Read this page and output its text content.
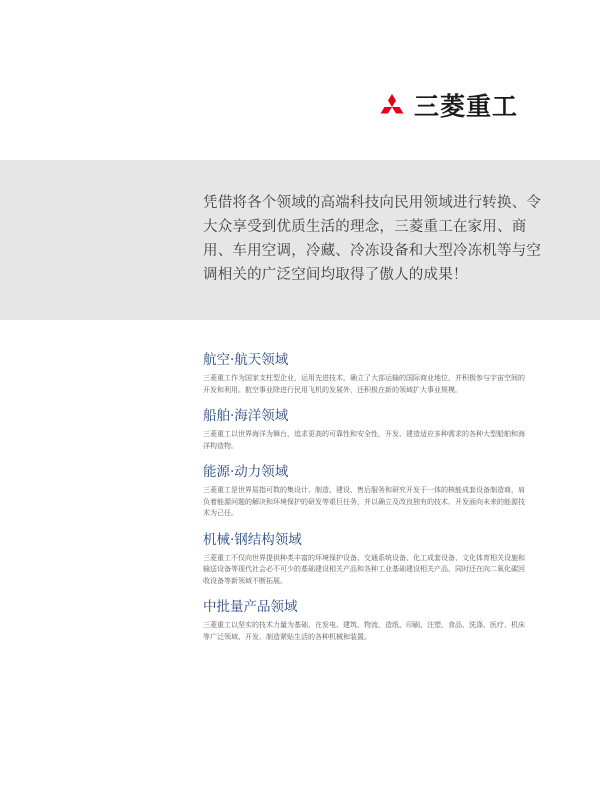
三菱重工

凭借将各个领域的高端科技向民用领域进行转换、令大众享受到优质生活的理念，三菱重工在家用、商用、车用空调，冷藏、冷冻设备和大型冷冻机等与空调相关的广泛空间均取得了傲人的成果！

航空·航天领域

三菱重工作为国家支柱型企业，运用先进技术，确立了大部运输的国际商业地位，并积极参与宇宙空间的开发和利用。航空事业除进行民用飞机的发展外，还积极在新的领域扩大事业规模。

船舶·海洋领域

三菱重工以世界海洋为舞台，追求更高的可靠性和安全性，开发、建造适应多种需求的各种大型船舶和海洋构造物。

能源·动力领域

三菱重工是世界屈指可数的集设计、制造、建设、售后服务和研究开发于一体的核能成套设备制造商，肩负着能源问题的解决和环境保护的研发等艰巨任务，并以确立及改良独有的技术、开发面向未来的能源技术为己任。

机械·钢结构领域

三菱重工不仅向世界提供种类丰富的环境保护设备、交通系统设备、化工成套设备、文化体育相关设施和输送设备等现代社会必不可少的基础建设相关产品和各种工业基础建设相关产品，同时还在向二氧化碳回收设备等新领域不断拓展。

中批量产品领域

三菱重工以坚实的技术力量为基础，在发电、建筑、物流、造纸、印刷、注塑、食品、洗涤、医疗、机床等广泛领域、开发、制造紧贴生活的各种机械和装置。
